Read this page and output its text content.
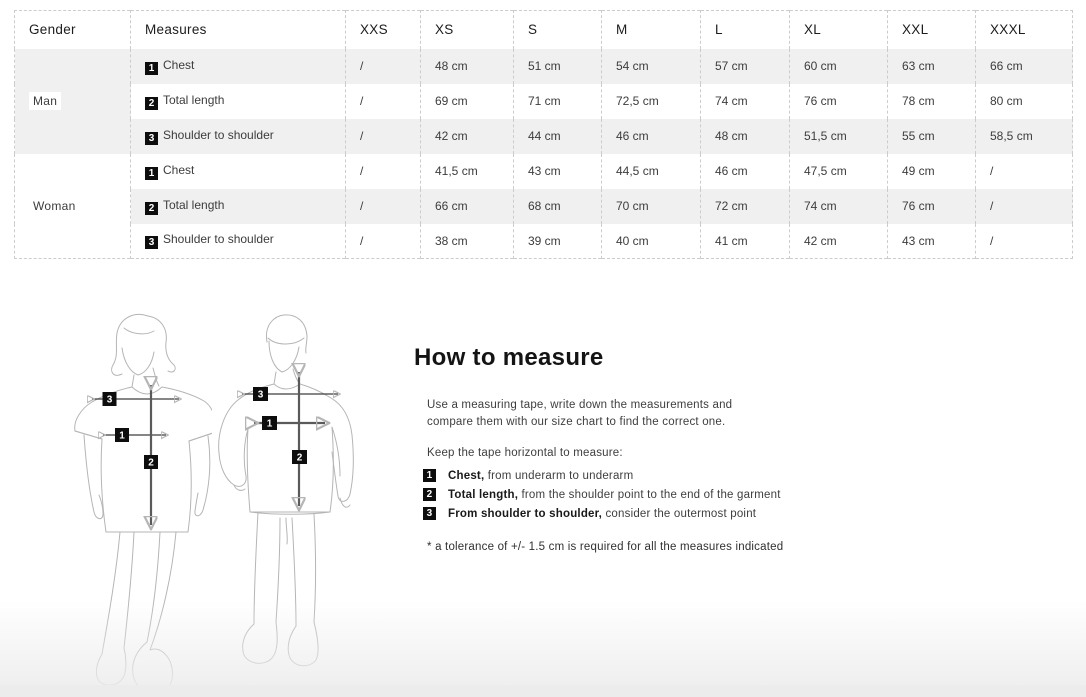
Gender	Measures	XXS	XS	S	M	L	XL	XXL	XXXL
Man	1 Chest	/	48 cm	51 cm	54 cm	57 cm	60 cm	63 cm	66 cm
	2 Total length	/	69 cm	71 cm	72,5 cm	74 cm	76 cm	78 cm	80 cm
	3 Shoulder to shoulder	/	42 cm	44 cm	46 cm	48 cm	51,5 cm	55 cm	58,5 cm
Woman	1 Chest	/	41,5 cm	43 cm	44,5 cm	46 cm	47,5 cm	49 cm	/
	2 Total length	/	66 cm	68 cm	70 cm	72 cm	74 cm	76 cm	/
	3 Shoulder to shoulder	/	38 cm	39 cm	40 cm	41 cm	42 cm	43 cm	/
3
1
2
3
1
2
How to measure

Use a measuring tape, write down the measurements and compare them with our size chart to find the correct one.

Keep the tape horizontal to measure:

1	Chest, from underarm to underarm
2	Total length, from the shoulder point to the end of the garment
3	From shoulder to shoulder, consider the outermost point

* a tolerance of +/- 1.5 cm is required for all the measures indicated
